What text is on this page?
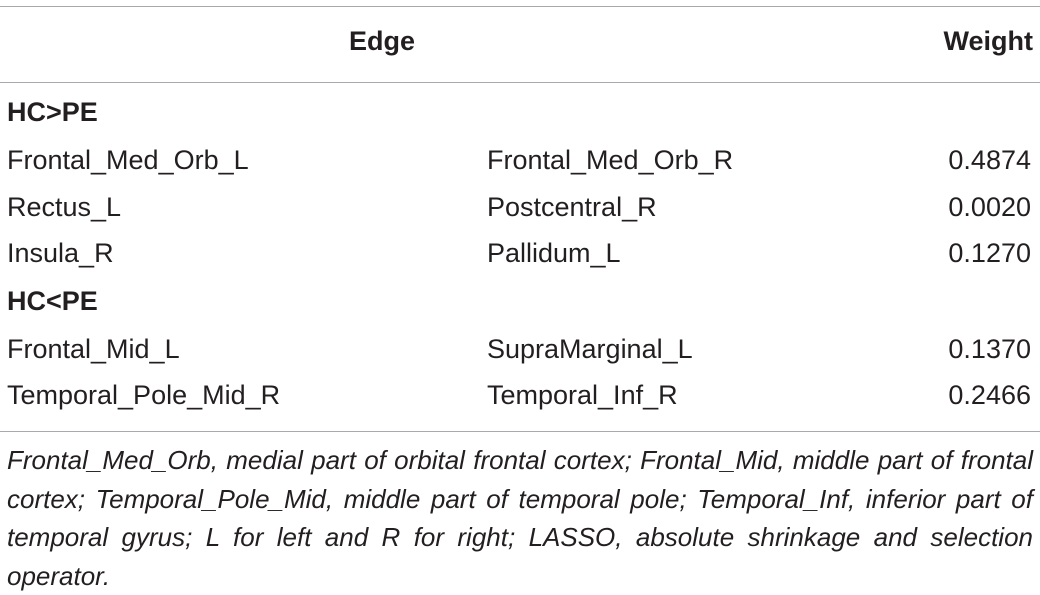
Edge	Weight
HC>PE
Frontal_Med_Orb_L	Frontal_Med_Orb_R	0.4874
Rectus_L	Postcentral_R	0.0020
Insula_R	Pallidum_L	0.1270
HC<PE
Frontal_Mid_L	SupraMarginal_L	0.1370
Temporal_Pole_Mid_R	Temporal_Inf_R	0.2466
Frontal_Med_Orb, medial part of orbital frontal cortex; Frontal_Mid, middle part of frontal cortex; Temporal_Pole_Mid, middle part of temporal pole; Temporal_Inf, inferior part of temporal gyrus; L for left and R for right; LASSO, absolute shrinkage and selection operator.
